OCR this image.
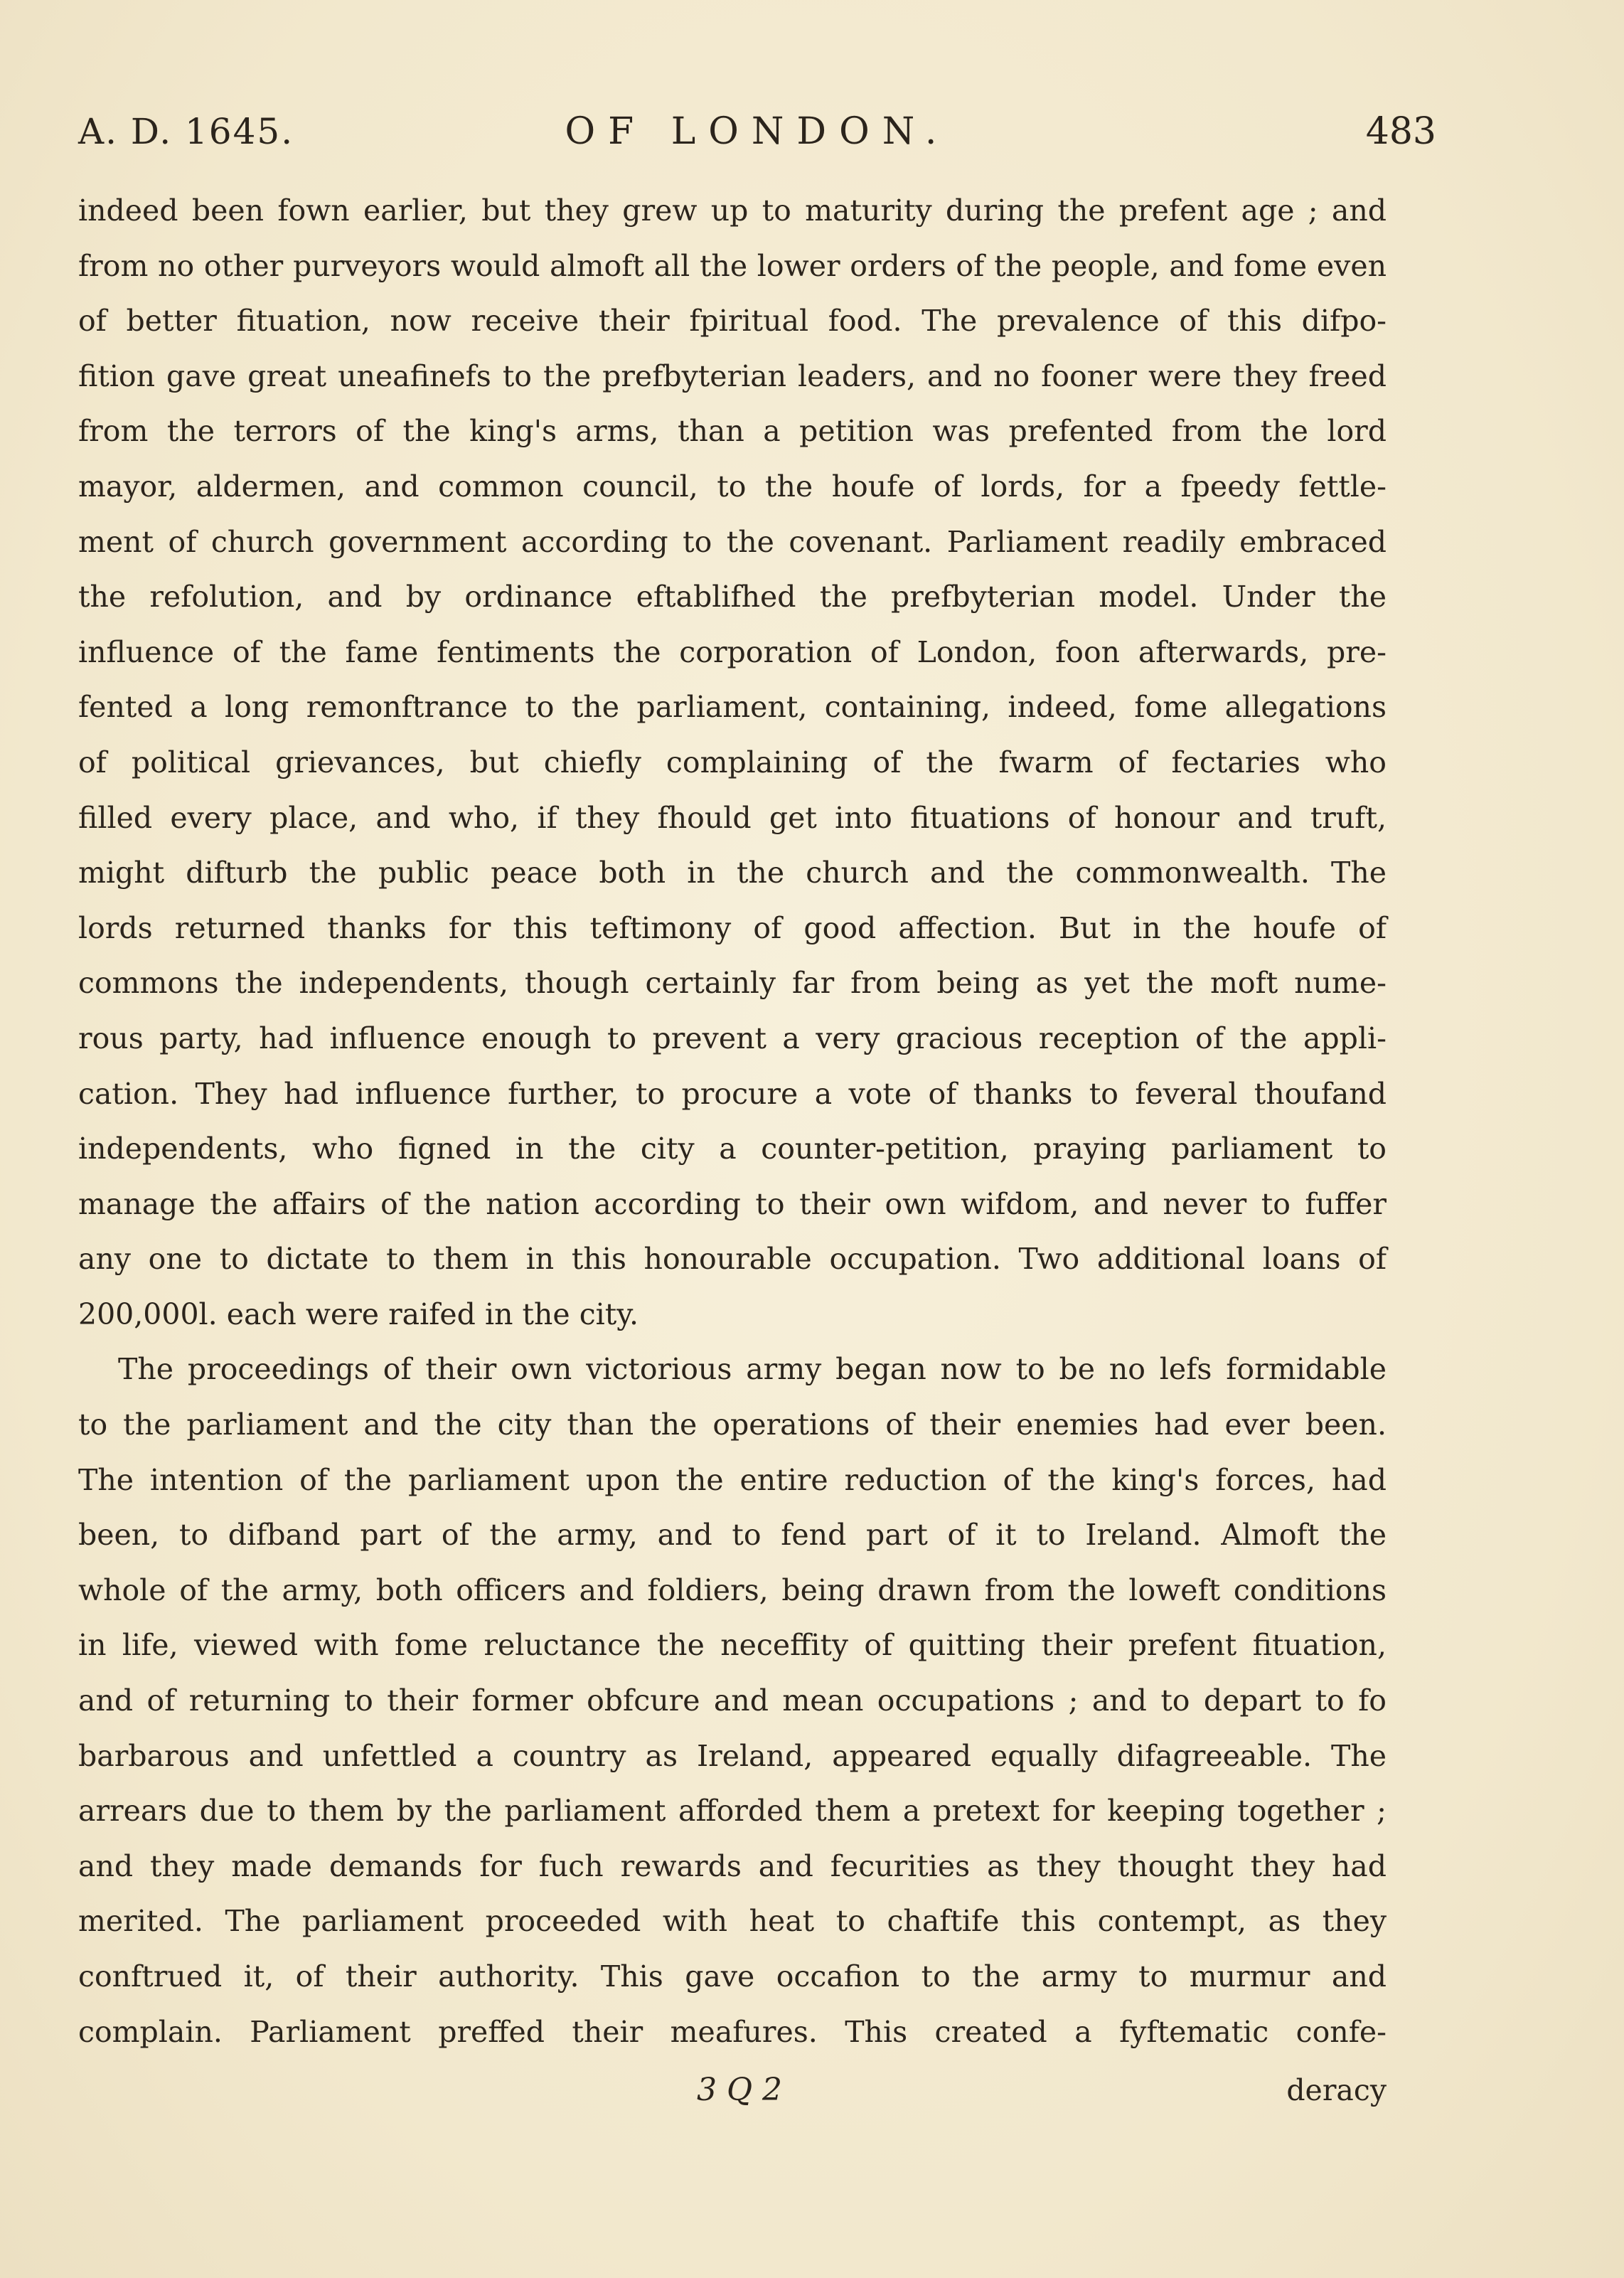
A. D. 1645.	OF LONDON.	483
indeed been fown earlier, but they grew up to maturity during the prefent age ; and
from no other purveyors would almoft all the lower orders of the people, and fome even
of better fituation, now receive their fpiritual food. The prevalence of this difpo-
fition gave great uneafinefs to the prefbyterian leaders, and no fooner were they freed
from the terrors of the king's arms, than a petition was prefented from the lord
mayor, aldermen, and common council, to the houfe of lords, for a fpeedy fettle-
ment of church government according to the covenant. Parliament readily embraced
the refolution, and by ordinance eftablifhed the prefbyterian model. Under the
influence of the fame fentiments the corporation of London, foon afterwards, pre-
fented a long remonftrance to the parliament, containing, indeed, fome allegations
of political grievances, but chiefly complaining of the fwarm of fectaries who
filled every place, and who, if they fhould get into fituations of honour and truft,
might difturb the public peace both in the church and the commonwealth. The
lords returned thanks for this teftimony of good affection. But in the houfe of
commons the independents, though certainly far from being as yet the moft nume-
rous party, had influence enough to prevent a very gracious reception of the appli-
cation. They had influence further, to procure a vote of thanks to feveral thoufand
independents, who figned in the city a counter-petition, praying parliament to
manage the affairs of the nation according to their own wifdom, and never to fuffer
any one to dictate to them in this honourable occupation. Two additional loans of
200,000l. each were raifed in the city.
The proceedings of their own victorious army began now to be no lefs formidable
to the parliament and the city than the operations of their enemies had ever been.
The intention of the parliament upon the entire reduction of the king's forces, had
been, to difband part of the army, and to fend part of it to Ireland. Almoft the
whole of the army, both officers and foldiers, being drawn from the loweft conditions
in life, viewed with fome reluctance the neceffity of quitting their prefent fituation,
and of returning to their former obfcure and mean occupations ; and to depart to fo
barbarous and unfettled a country as Ireland, appeared equally difagreeable. The
arrears due to them by the parliament afforded them a pretext for keeping together ;
and they made demands for fuch rewards and fecurities as they thought they had
merited. The parliament proceeded with heat to chaftife this contempt, as they
conftrued it, of their authority. This gave occafion to the army to murmur and
complain. Parliament preffed their meafures. This created a fyftematic confe-
3 Q 2	deracy
